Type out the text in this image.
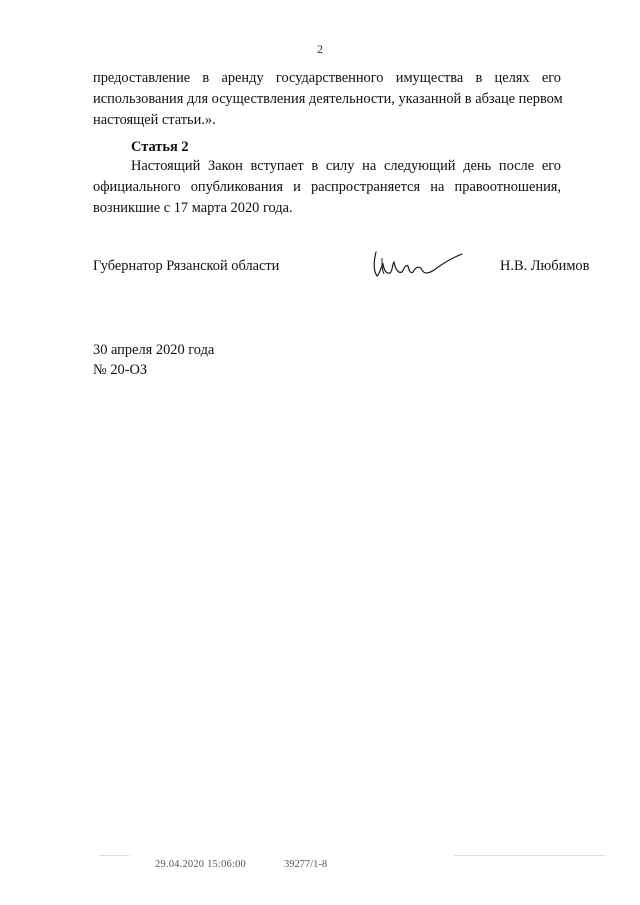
2
предоставление в аренду государственного имущества в целях его
использования для осуществления деятельности, указанной в абзаце первом
настоящей статьи.».
Статья 2
Настоящий Закон вступает в силу на следующий день после его
официального опубликования и распространяется на правоотношения,
возникшие с 17 марта 2020 года.
Губернатор Рязанской области	Н.В. Любимов
30 апреля 2020 года
№ 20-ОЗ
29.04.2020 15:06:00	39277/1-8
